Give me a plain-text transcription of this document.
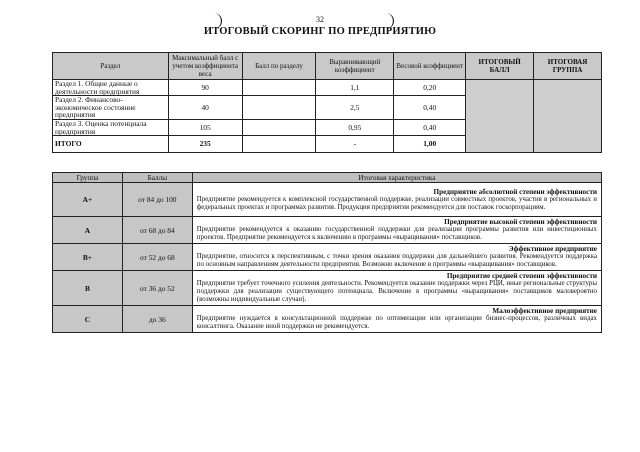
32
ИТОГОВЫЙ СКОРИНГ ПО ПРЕДПРИЯТИЮ
Раздел	Максимальный балл с учетом коэффициента веса	Балл по разделу	Выравнивающий коэффициент	Весовой коэффициент	ИТОГОВЫЙ БАЛЛ	ИТОГОВАЯ ГРУППА
Раздел 1. Общие данные о деятельности предприятия	90		1,1	0,20		
Раздел 2. Финансово-экономическое состояние предприятия	40		2,5	0,40		
Раздел 3. Оценка потенциала предприятия	105		0,95	0,40		
ИТОГО	235		-	1,00		
Группа	Баллы	Итоговая характеристика
А+	от 84 до 100	Предприятие абсолютной степени эффективности
Предприятие рекомендуется к комплексной государственной поддержке, реализации совместных проектов, участия в региональных и федеральных проектах и программах развития. Продукция предприятия рекомендуется для поставок госкорпорациям.

А	от 68 до 84	Предприятие высокой степени эффективности
Предприятие рекомендуется к оказанию государственной поддержки для реализации программы развития или инвестиционных проектов. Предприятие рекомендуется к включению в программы «выращивания» поставщиков.

В+	от 52 до 68	Эффективное предприятие
Предприятие, относится к перспективным, с точки зрения оказания поддержки для дальнейшего развития. Рекомендуется поддержка по основным направлениям деятельности предприятия. Возможно включение в программы «выращивания» поставщиков.

В	от 36 до 52	Предприятие средней степени эффективности
Предприятие требует точечного усиления деятельности. Рекомендуется оказание поддержки через РЦИ, иные региональные структуры поддержки для реализации существующего потенциала. Включение в программы «выращивания» поставщиков маловероятно (возможны индивидуальные случаи).

С	до 36	Малоэффективное предприятие
Предприятие нуждается в консультационной поддержке по оптимизации или организации бизнес-процессов, различных видах консалтинга. Оказание иной поддержки не рекомендуется.
